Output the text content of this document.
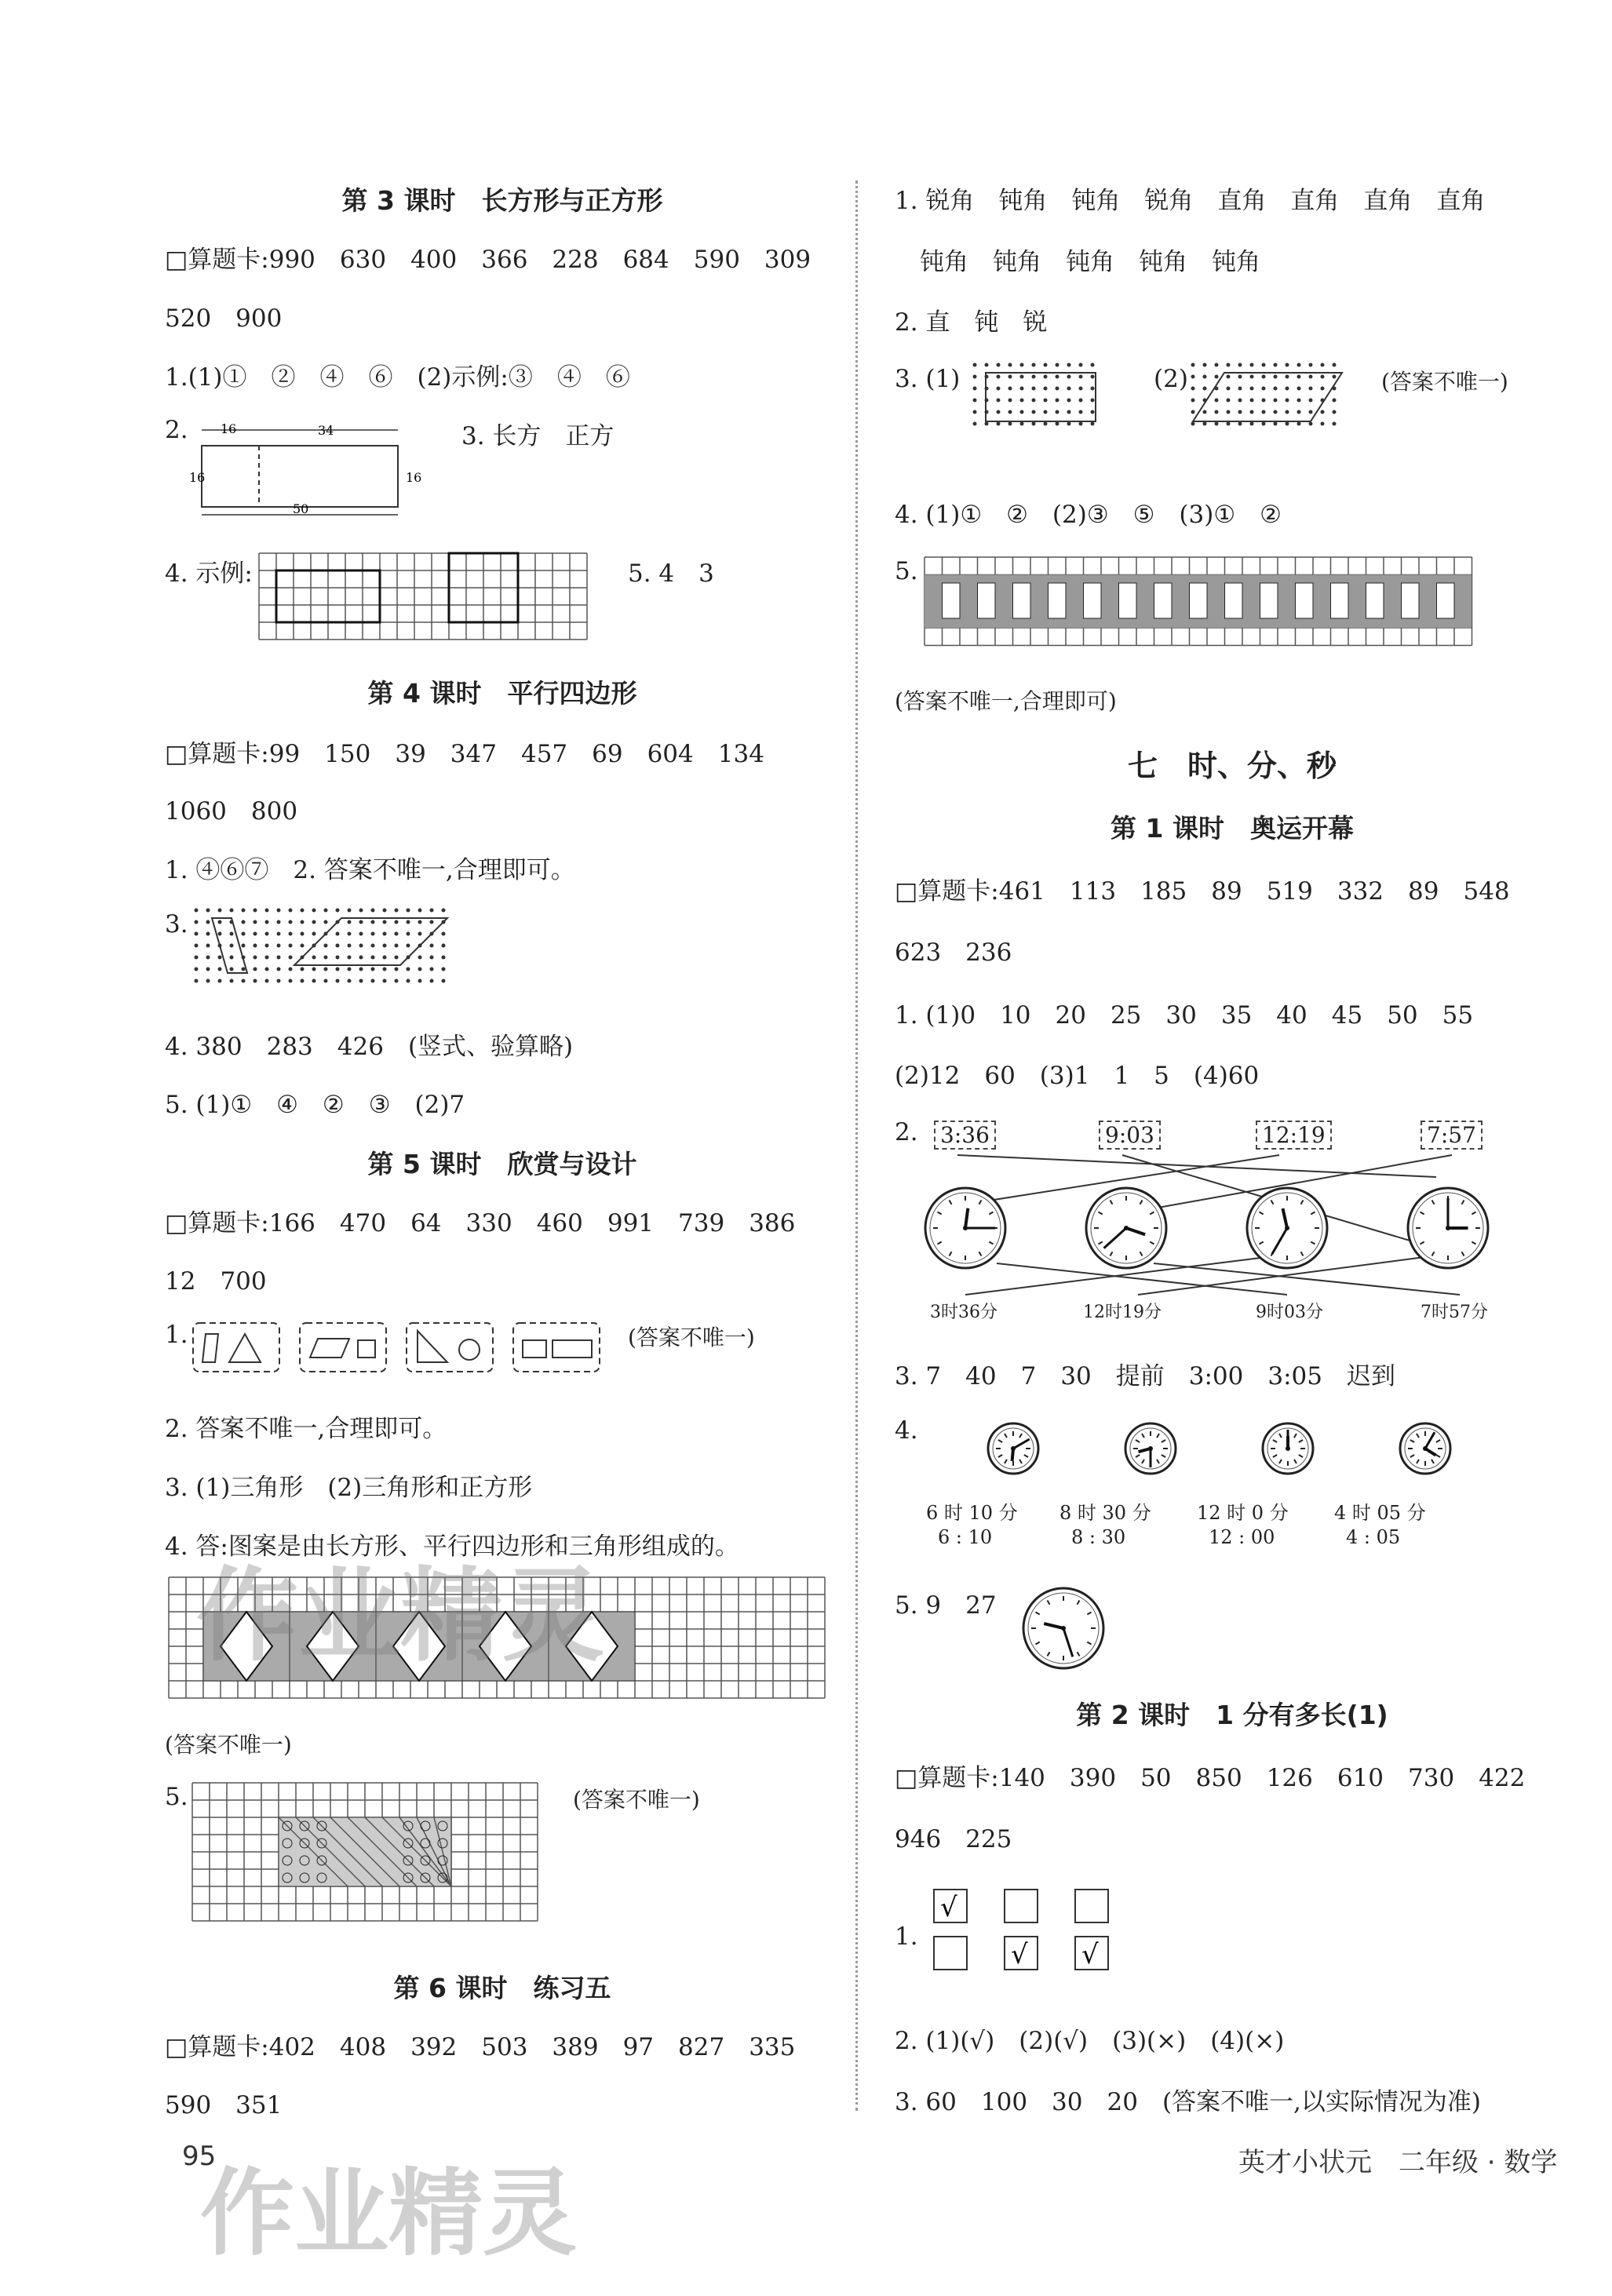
第 3 课时　长方形与正方形
□算题卡:990　630　400　366　228　684　590　309
520　900
1.(1)①　②　④　⑥　(2)示例:③　④　⑥
2.	16	34
50
16
16
3. 长方　正方
4. 示例:	5. 4　3
第 4 课时　平行四边形
□算题卡:99　150　39　347　457　69　604　134
1060　800
1. ④⑥⑦　2. 答案不唯一,合理即可。
3.
4. 380　283　426　(竖式、验算略)
5. (1)①　④　②　③　(2)7
第 5 课时　欣赏与设计
□算题卡:166　470　64　330　460　991　739　386
12　700
1.	(答案不唯一)
2. 答案不唯一,合理即可。
3. (1)三角形　(2)三角形和正方形
4. 答:图案是由长方形、平行四边形和三角形组成的。
(答案不唯一)
5.	(答案不唯一)
第 6 课时　练习五
□算题卡:402　408　392　503　389　97　827　335
590　351
1. 锐角　钝角　钝角　锐角　直角　直角　直角　直角
钝角　钝角　钝角　钝角　钝角
2. 直　钝　锐
3. (1)	(2)	(答案不唯一)
4. (1)①　②　(2)③　⑤　(3)①　②
5.
(答案不唯一,合理即可)
七　时、分、秒
第 1 课时　奥运开幕
□算题卡:461　113　185　89　519　332　89　548
623　236
1. (1)0　10　20　25　30　35　40　45　50　55
(2)12　60　(3)1　1　5　(4)60
2. 3:36	9:03	12:19	7:57
3时36分	12时19分	9时03分	7时57分
3. 7　40　7　30　提前　3:00　3:05　迟到
4.
6 时 10 分 8 时 30 分 12 时 0 分 4 时 05 分
6 : 10	8 : 30	12 : 00	4 : 05
5. 9　27
第 2 课时　1 分有多长(1)
□算题卡:140　390　50　850　126　610　730　422
946　225
1.
√
√ √
2. (1)(√)　(2)(√)　(3)(×)　(4)(×)
3. 60　100　30　20　(答案不唯一,以实际情况为准)
95	英才小状元　二年级 · 数学
作业精灵
作业精灵
